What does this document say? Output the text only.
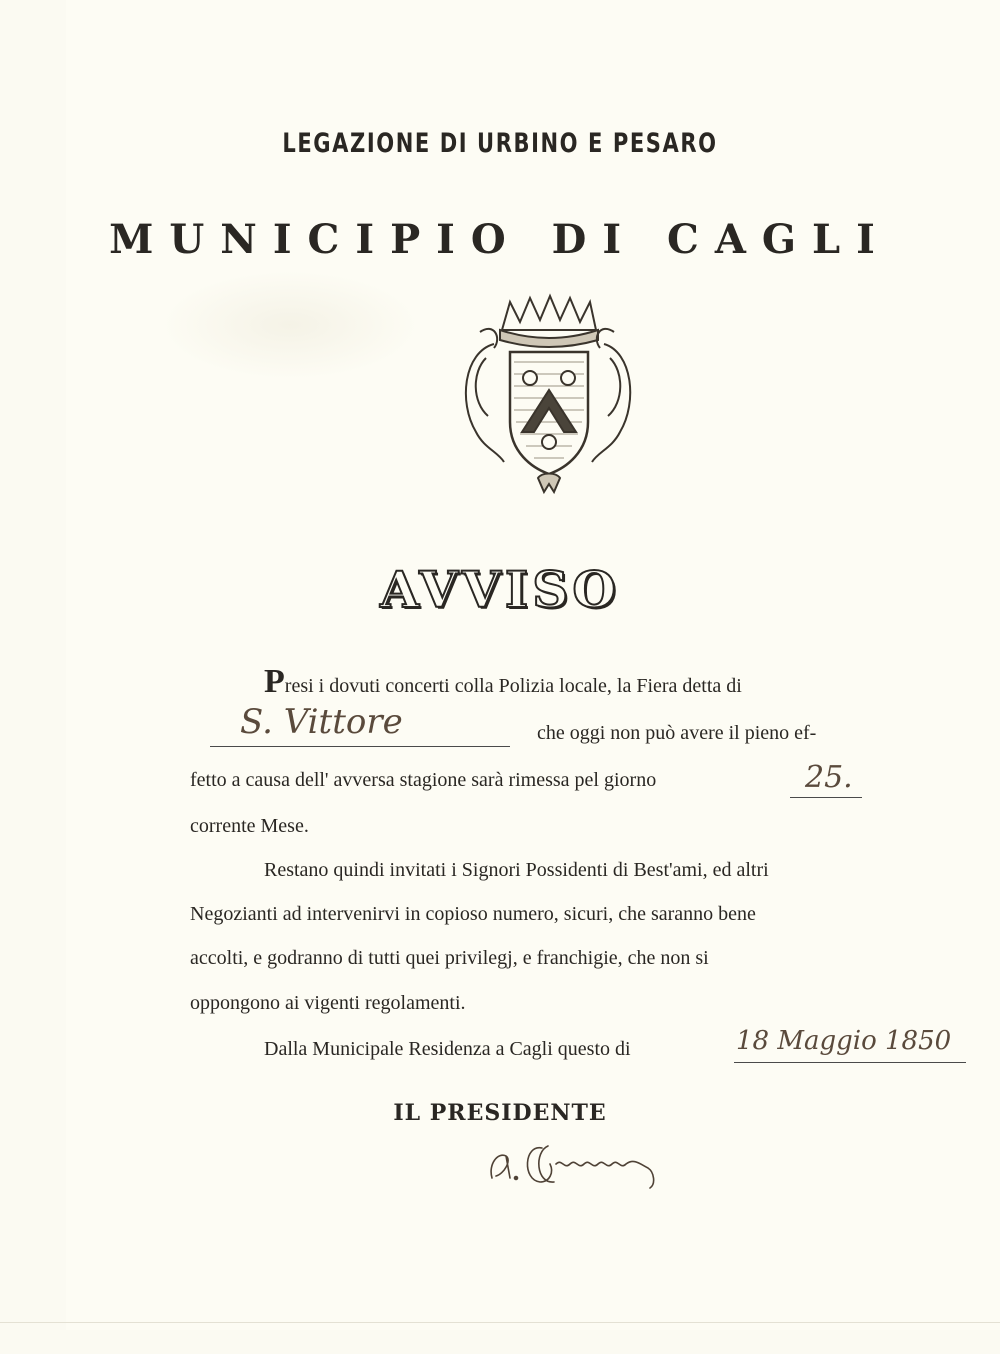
LEGAZIONE DI URBINO E PESARO
MUNICIPIO DI CAGLI
AVVISO
Presi i dovuti concerti colla Polizia locale, la Fiera detta di
S. Vittore	che oggi non può avere il pieno ef-
fetto a causa dell' avversa stagione sarà rimessa pel giorno	25.
corrente Mese.
Restano quindi invitati i Signori Possidenti di Best'ami, ed altri
Negozianti ad intervenirvi in copioso numero, sicuri, che saranno bene
accolti, e godranno di tutti quei privilegj, e franchigie, che non si
oppongono ai vigenti regolamenti.
Dalla Municipale Residenza a Cagli questo di	18 Maggio 1850
IL PRESIDENTE
